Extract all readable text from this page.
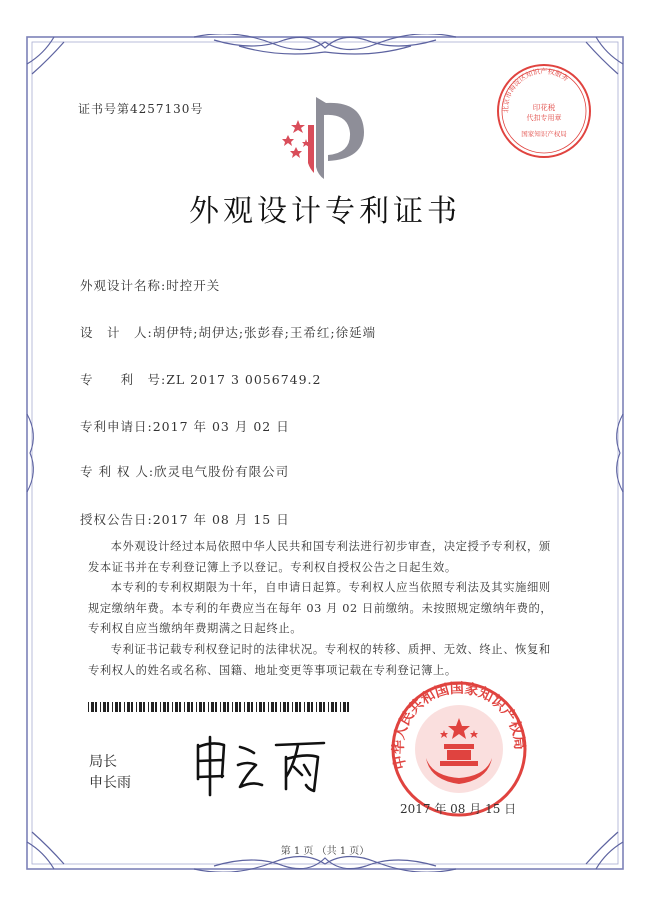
证书号第4257130号	北京市海淀区知识产权服务
印花税
代扣专用章
国家知识产权局
外观设计专利证书
外观设计名称:时控开关
设　计　人:胡伊特;胡伊达;张彭春;王希红;徐延端
专　　利　号:ZL 2017 3 0056749.2
专利申请日:2017 年 03 月 02 日
专 利 权 人:欣灵电气股份有限公司
授权公告日:2017 年 08 月 15 日

本外观设计经过本局依照中华人民共和国专利法进行初步审查，决定授予专利权，颁发本证书并在专利登记簿上予以登记。专利权自授权公告之日起生效。

本专利的专利权期限为十年，自申请日起算。专利权人应当依照专利法及其实施细则规定缴纳年费。本专利的年费应当在每年 03 月 02 日前缴纳。未按照规定缴纳年费的，专利权自应当缴纳年费期满之日起终止。

专利证书记载专利权登记时的法律状况。专利权的转移、质押、无效、终止、恢复和专利权人的姓名或名称、国籍、地址变更等事项记载在专利登记簿上。

局长
申长雨
中华人民共和国国家知识产权局
2017 年 08 月 15 日
第 1 页 （共 1 页）
